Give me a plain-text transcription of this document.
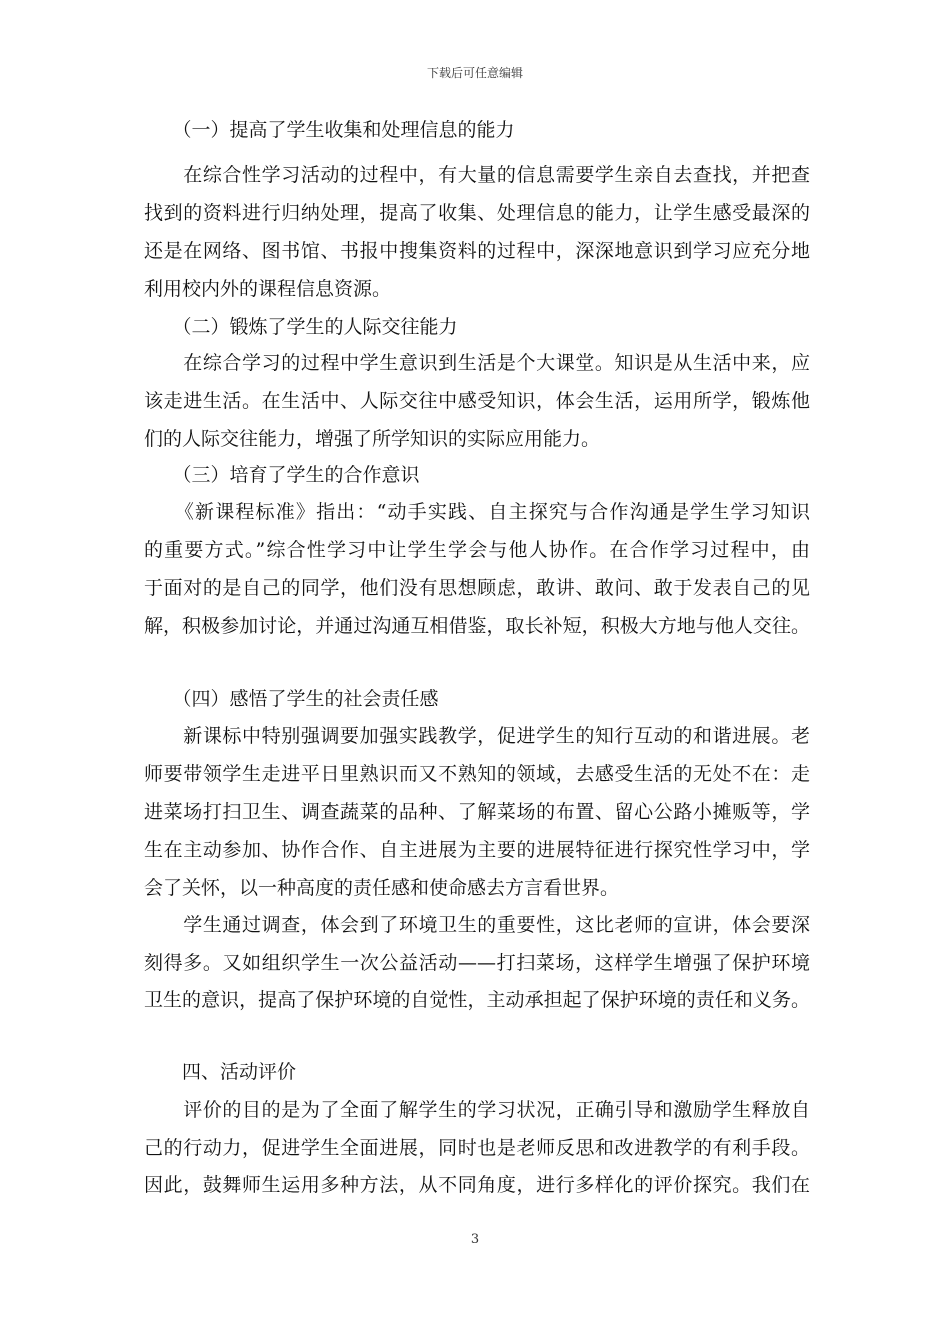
下载后可任意编辑
　　（一）提高了学生收集和处理信息的能力
　　在综合性学习活动的过程中，有大量的信息需要学生亲自去查找，并把查
找到的资料进行归纳处理，提高了收集、处理信息的能力，让学生感受最深的
还是在网络、图书馆、书报中搜集资料的过程中，深深地意识到学习应充分地
利用校内外的课程信息资源。
　　（二）锻炼了学生的人际交往能力
　　在综合学习的过程中学生意识到生活是个大课堂。知识是从生活中来，应
该走进生活。在生活中、人际交往中感受知识，体会生活，运用所学，锻炼他
们的人际交往能力，增强了所学知识的实际应用能力。
　　（三）培育了学生的合作意识
　　《新课程标准》指出：“动手实践、自主探究与合作沟通是学生学习知识
的重要方式。”综合性学习中让学生学会与他人协作。在合作学习过程中，由
于面对的是自己的同学，他们没有思想顾虑，敢讲、敢问、敢于发表自己的见
解，积极参加讨论，并通过沟通互相借鉴，取长补短，积极大方地与他人交往。
　　（四）感悟了学生的社会责任感
　　新课标中特别强调要加强实践教学，促进学生的知行互动的和谐进展。老
师要带领学生走进平日里熟识而又不熟知的领域，去感受生活的无处不在：走
进菜场打扫卫生、调查蔬菜的品种、了解菜场的布置、留心公路小摊贩等，学
生在主动参加、协作合作、自主进展为主要的进展特征进行探究性学习中，学
会了关怀，以一种高度的责任感和使命感去方言看世界。
　　学生通过调查，体会到了环境卫生的重要性，这比老师的宣讲，体会要深
刻得多。又如组织学生一次公益活动——打扫菜场，这样学生增强了保护环境
卫生的意识，提高了保护环境的自觉性，主动承担起了保护环境的责任和义务。
　　四、活动评价
　　评价的目的是为了全面了解学生的学习状况，正确引导和激励学生释放自
己的行动力，促进学生全面进展，同时也是老师反思和改进教学的有利手段。
因此，鼓舞师生运用多种方法，从不同角度，进行多样化的评价探究。我们在
3
